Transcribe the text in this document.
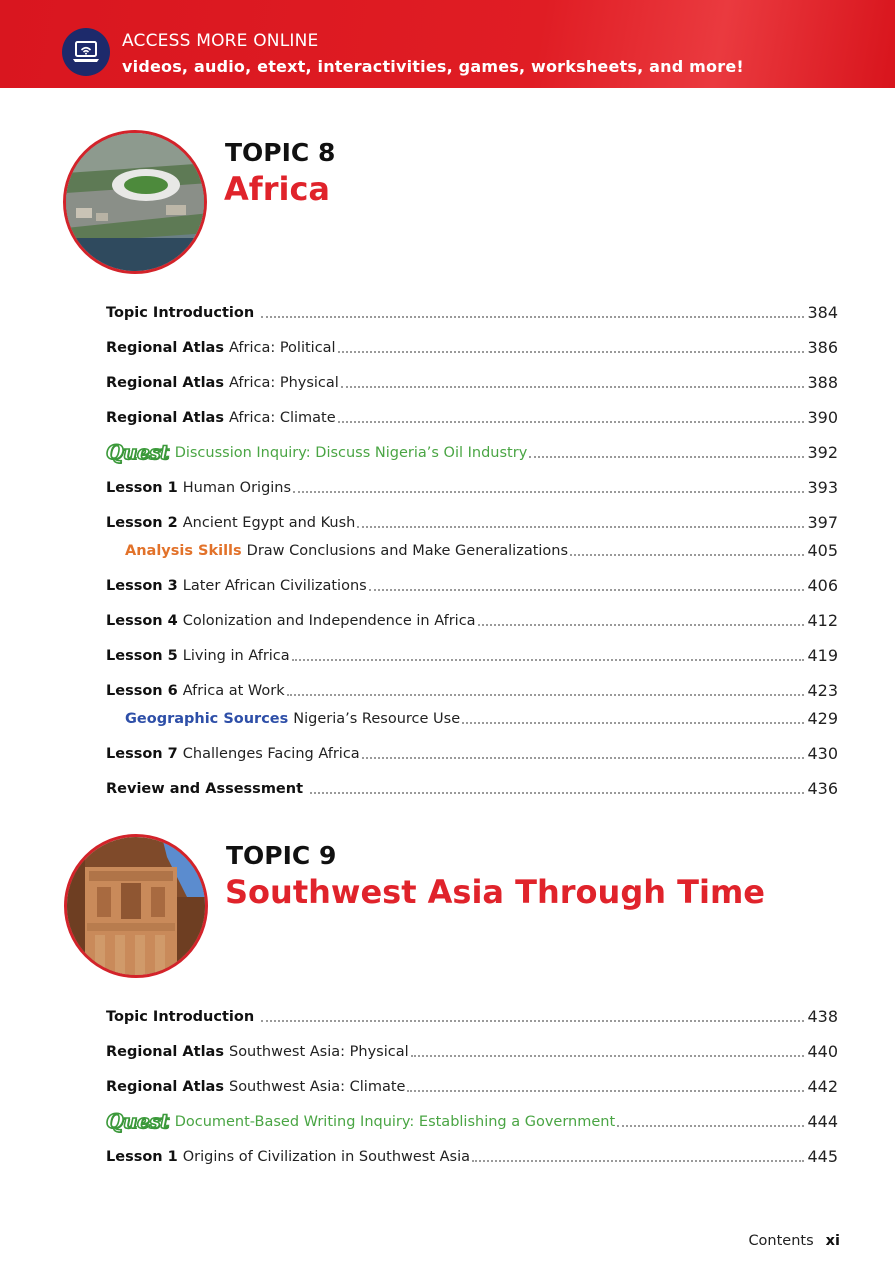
ACCESS MORE ONLINE
videos, audio, etext, interactivities, games, worksheets, and more!
TOPIC 8
Africa
Topic Introduction	384
Regional Atlas Africa: Political	386
Regional Atlas Africa: Physical	388
Regional Atlas Africa: Climate	390
Quest Discussion Inquiry: Discuss Nigeria’s Oil Industry	392
Lesson 1 Human Origins	393
Lesson 2 Ancient Egypt and Kush	397
Analysis Skills Draw Conclusions and Make Generalizations	405
Lesson 3 Later African Civilizations	406
Lesson 4 Colonization and Independence in Africa	412
Lesson 5 Living in Africa	419
Lesson 6 Africa at Work	423
Geographic Sources Nigeria’s Resource Use	429
Lesson 7 Challenges Facing Africa	430
Review and Assessment	436
TOPIC 9
Southwest Asia Through Time
Topic Introduction	438
Regional Atlas Southwest Asia: Physical	440
Regional Atlas Southwest Asia: Climate	442
Quest Document-Based Writing Inquiry: Establishing a Government	444
Lesson 1 Origins of Civilization in Southwest Asia	445
Contents xi
